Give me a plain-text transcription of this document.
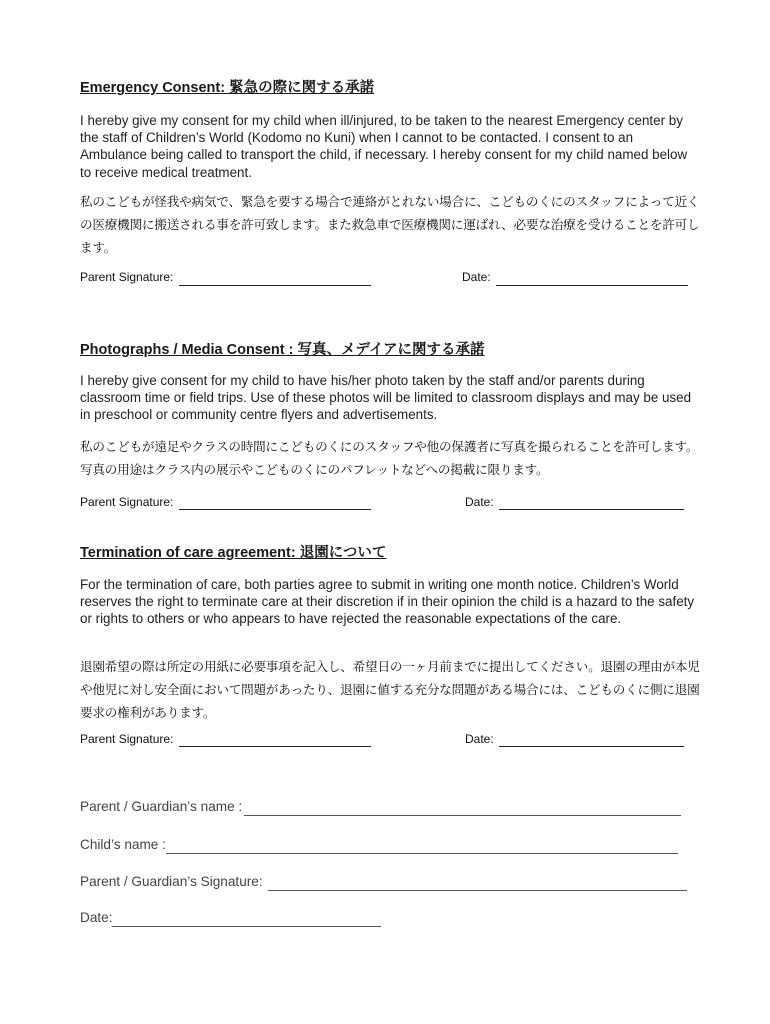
Emergency Consent: 緊急の際に関する承諾
I hereby give my consent for my child when ill/injured, to be taken to the nearest Emergency center by the staff of Children’s World (Kodomo no Kuni) when I cannot to be contacted. I consent to an Ambulance being called to transport the child, if necessary. I hereby consent for my child named below to receive medical treatment.
私のこどもが怪我や病気で、緊急を要する場合で連絡がとれない場合に、こどものくにのスタッフによって近くの医療機関に搬送される事を許可致します。また救急車で医療機関に運ばれ、必要な治療を受けることを許可します。
Parent Signature:	Date:
Photographs / Media Consent : 写真、メデイアに関する承諾
I hereby give consent for my child to have his/her photo taken by the staff and/or parents during classroom time or field trips. Use of these photos will be limited to classroom displays and may be used in preschool or community centre flyers and advertisements.
私のこどもが遠足やクラスの時間にこどものくにのスタッフや他の保護者に写真を撮られることを許可します。写真の用途はクラス内の展示やこどものくにのパフレットなどへの掲載に限ります。
Parent Signature:	Date:
Termination of care agreement: 退園について
For the termination of care, both parties agree to submit in writing one month notice. Children’s World reserves the right to terminate care at their discretion if in their opinion the child is a hazard to the safety or rights to others or who appears to have rejected the reasonable expectations of the care.
退園希望の際は所定の用紙に必要事項を記入し、希望日の一ヶ月前までに提出してください。退園の理由が本児や他児に対し安全面において問題があったり、退園に値する充分な問題がある場合には、こどものくに側に退園要求の権利があります。
Parent Signature:	Date:
Parent / Guardian’s name :
Child’s name :
Parent / Guardian’s Signature:
Date:
